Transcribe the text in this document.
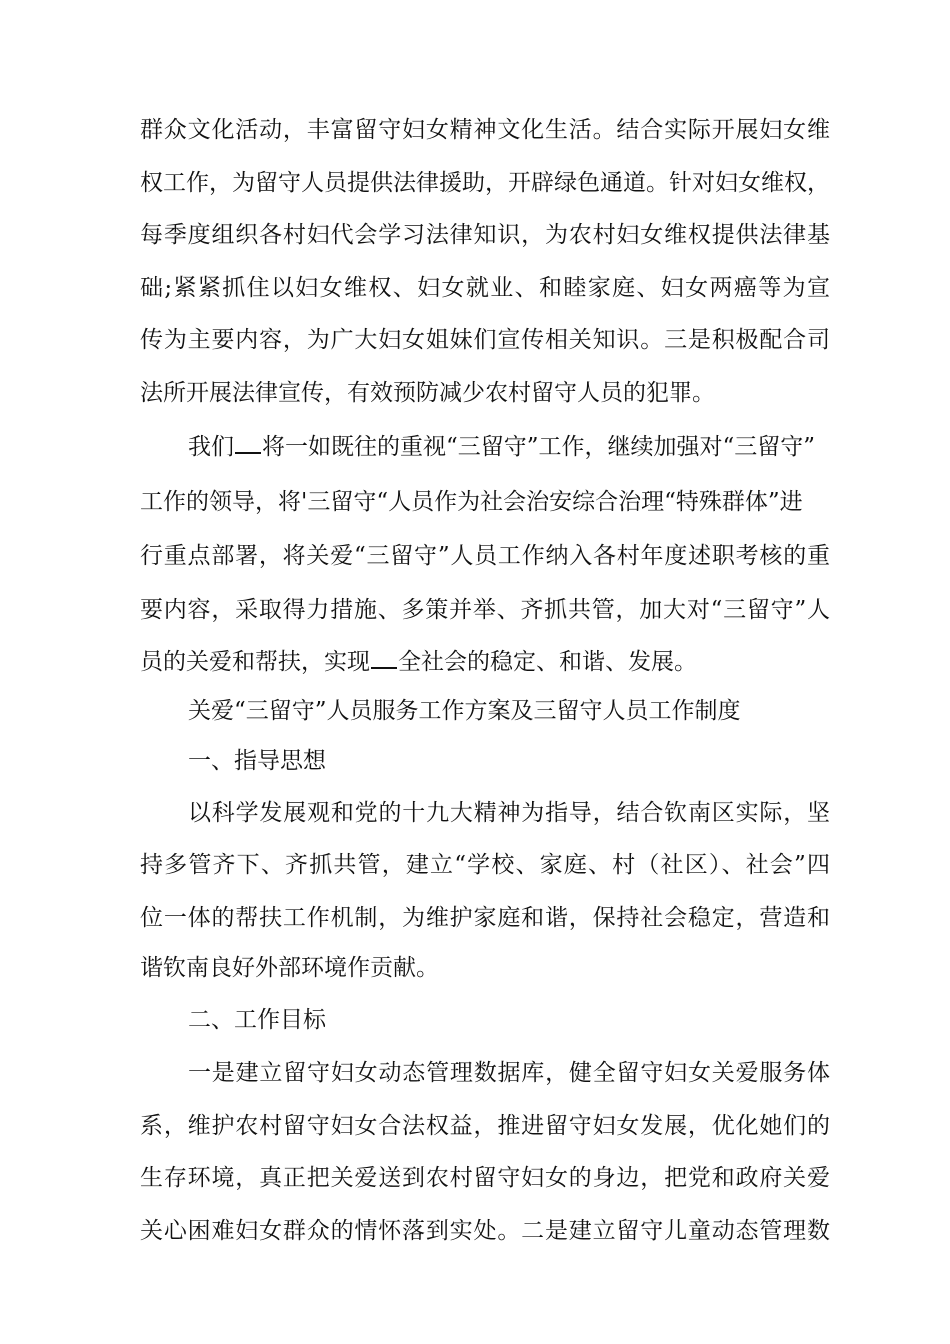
群众文化活动，丰富留守妇女精神文化生活。结合实际开展妇女维
权工作，为留守人员提供法律援助，开辟绿色通道。针对妇女维权，
每季度组织各村妇代会学习法律知识，为农村妇女维权提供法律基
础;紧紧抓住以妇女维权、妇女就业、和睦家庭、妇女两癌等为宣
传为主要内容，为广大妇女姐妹们宣传相关知识。三是积极配合司
法所开展法律宣传，有效预防减少农村留守人员的犯罪。
我们 将一如既往的重视“三留守”工作，继续加强对“三留守”
工作的领导，将'三留守“人员作为社会治安综合治理“特殊群体”进
行重点部署，将关爱“三留守”人员工作纳入各村年度述职考核的重
要内容，采取得力措施、多策并举、齐抓共管，加大对“三留守”人
员的关爱和帮扶，实现 全社会的稳定、和谐、发展。
关爱“三留守”人员服务工作方案及三留守人员工作制度
一、指导思想
以科学发展观和党的十九大精神为指导，结合钦南区实际，坚
持多管齐下、齐抓共管，建立“学校、家庭、村（社区）、社会”四
位一体的帮扶工作机制，为维护家庭和谐，保持社会稳定，营造和
谐钦南良好外部环境作贡献。
二、工作目标
一是建立留守妇女动态管理数据库，健全留守妇女关爱服务体
系，维护农村留守妇女合法权益，推进留守妇女发展，优化她们的
生存环境，真正把关爱送到农村留守妇女的身边，把党和政府关爱
关心困难妇女群众的情怀落到实处。二是建立留守儿童动态管理数
